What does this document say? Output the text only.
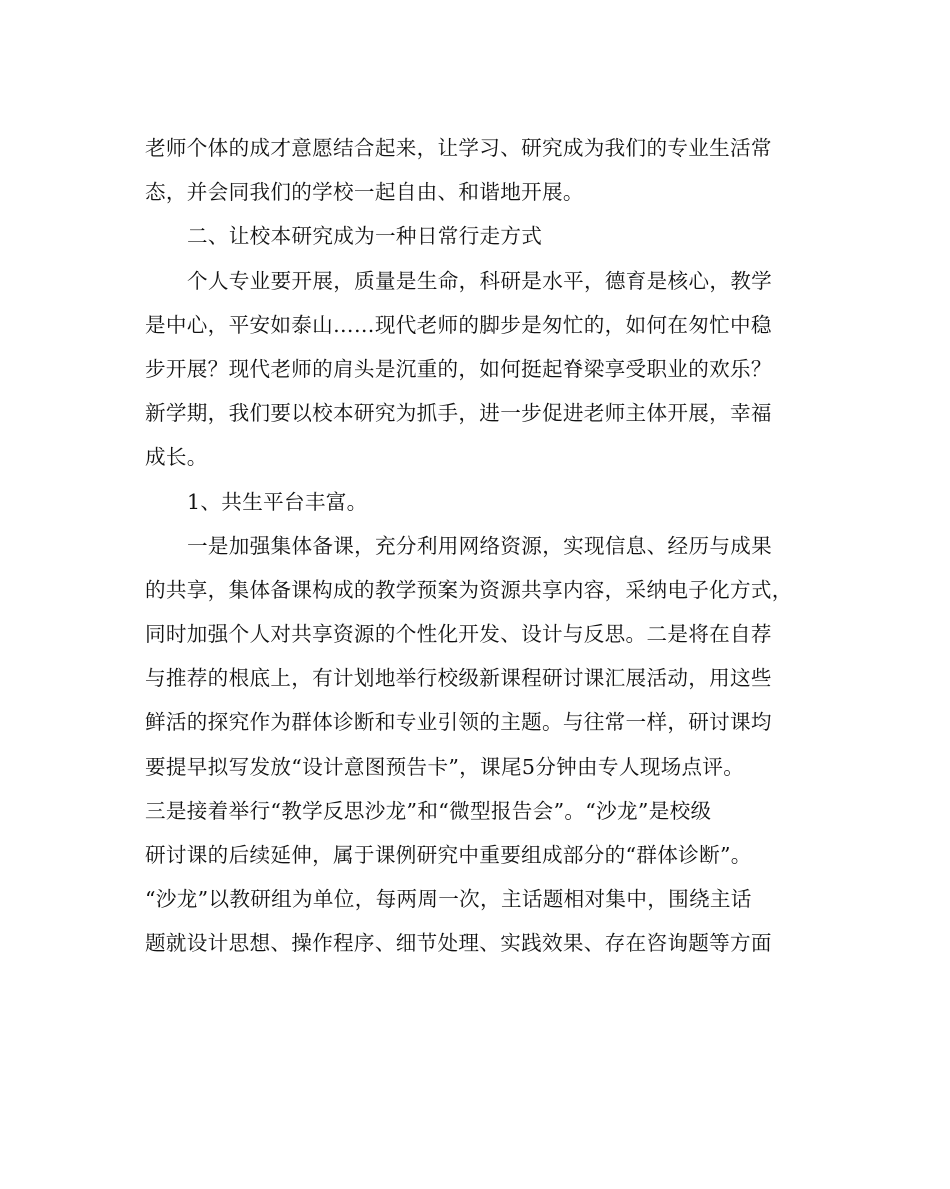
老师个体的成才意愿结合起来，让学习、研究成为我们的专业生活常
态，并会同我们的学校一起自由、和谐地开展。
二、让校本研究成为一种日常行走方式
个人专业要开展，质量是生命，科研是水平，德育是核心，教学
是中心，平安如泰山……现代老师的脚步是匆忙的，如何在匆忙中稳
步开展？现代老师的肩头是沉重的，如何挺起脊梁享受职业的欢乐？
新学期，我们要以校本研究为抓手，进一步促进老师主体开展，幸福
成长。
1、共生平台丰富。
一是加强集体备课，充分利用网络资源，实现信息、经历与成果
的共享，集体备课构成的教学预案为资源共享内容，采纳电子化方式，
同时加强个人对共享资源的个性化开发、设计与反思。二是将在自荐
与推荐的根底上，有计划地举行校级新课程研讨课汇展活动，用这些
鲜活的探究作为群体诊断和专业引领的主题。与往常一样，研讨课均
要提早拟写发放“设计意图预告卡”，课尾5分钟由专人现场点评。
三是接着举行“教学反思沙龙”和“微型报告会”。“沙龙”是校级
研讨课的后续延伸，属于课例研究中重要组成部分的“群体诊断”。
“沙龙”以教研组为单位，每两周一次，主话题相对集中，围绕主话
题就设计思想、操作程序、细节处理、实践效果、存在咨询题等方面
